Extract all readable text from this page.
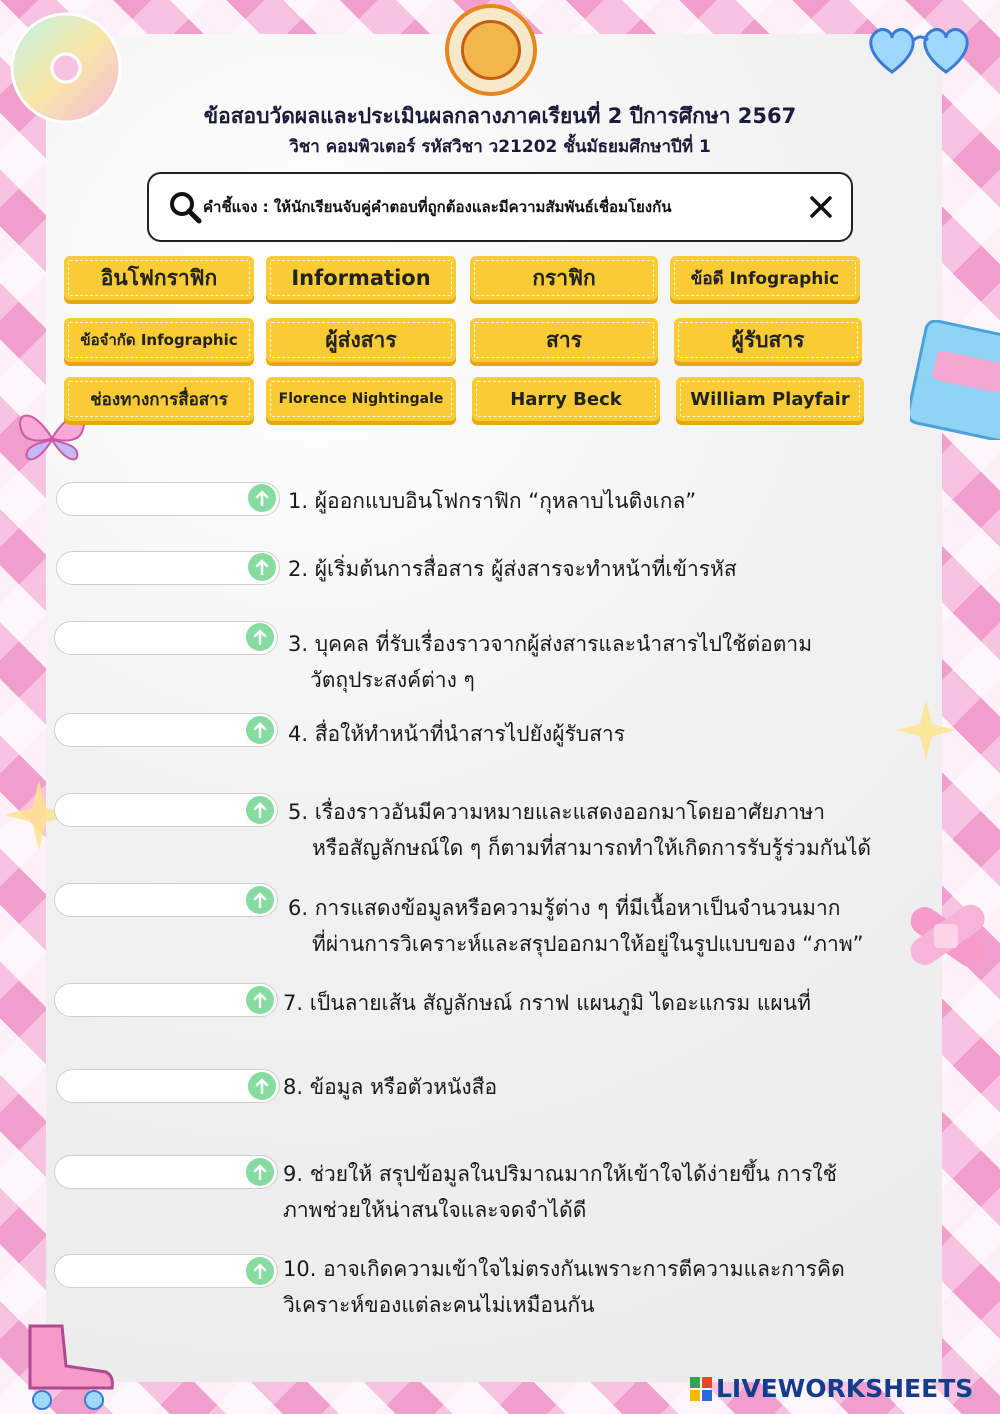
ข้อสอบวัดผลและประเมินผลกลางภาคเรียนที่ 2 ปีการศึกษา 2567
วิชา คอมพิวเตอร์ รหัสวิชา ว21202 ชั้นมัธยมศึกษาปีที่ 1
คำชี้แจง : ให้นักเรียนจับคู่คำตอบที่ถูกต้องและมีความสัมพันธ์เชื่อมโยงกัน
อินโฟกราฟิก	Information	กราฟิก	ข้อดี Infographic
ข้อจำกัด Infographic	ผู้ส่งสาร	สาร	ผู้รับสาร
ช่องทางการสื่อสาร	Florence Nightingale	Harry Beck	William Playfair
1. ผู้ออกแบบอินโฟกราฟิก “กุหลาบไนติงเกล”
2. ผู้เริ่มต้นการสื่อสาร ผู้ส่งสารจะทำหน้าที่เข้ารหัส
3. บุคคล ที่รับเรื่องราวจากผู้ส่งสารและนำสารไปใช้ต่อตาม
วัตถุประสงค์ต่าง ๆ
4. สื่อให้ทำหน้าที่นำสารไปยังผู้รับสาร
5. เรื่องราวอันมีความหมายและแสดงออกมาโดยอาศัยภาษา
หรือสัญลักษณ์ใด ๆ ก็ตามที่สามารถทำให้เกิดการรับรู้ร่วมกันได้
6. การแสดงข้อมูลหรือความรู้ต่าง ๆ ที่มีเนื้อหาเป็นจำนวนมาก
ที่ผ่านการวิเคราะห์และสรุปออกมาให้อยู่ในรูปแบบของ “ภาพ”
7. เป็นลายเส้น สัญลักษณ์ กราฟ แผนภูมิ ไดอะแกรม แผนที่
8. ข้อมูล หรือตัวหนังสือ
9. ช่วยให้ สรุปข้อมูลในปริมาณมากให้เข้าใจได้ง่ายขึ้น การใช้
ภาพช่วยให้น่าสนใจและจดจำได้ดี
10. อาจเกิดความเข้าใจไม่ตรงกันเพราะการตีความและการคิด
วิเคราะห์ของแต่ละคนไม่เหมือนกัน
LIVEWORKSHEETS
